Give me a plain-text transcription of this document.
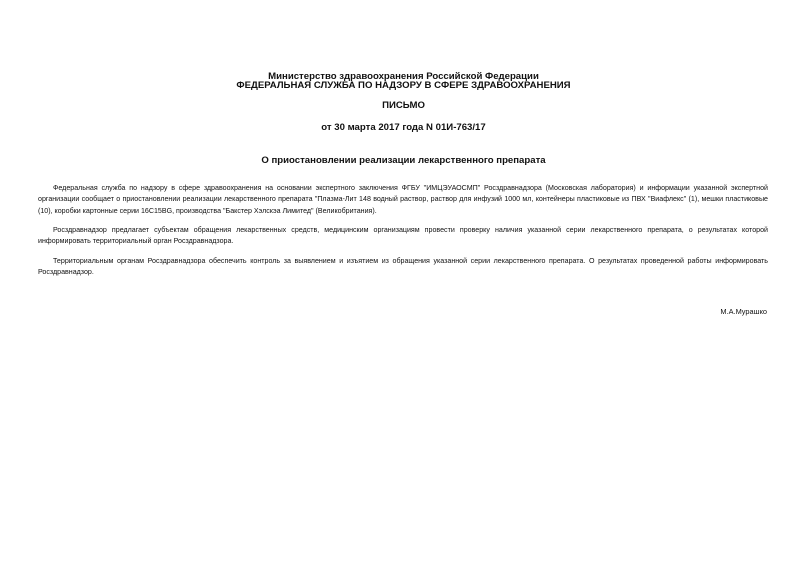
Министерство здравоохранения Российской Федерации
ФЕДЕРАЛЬНАЯ СЛУЖБА ПО НАДЗОРУ В СФЕРЕ ЗДРАВООХРАНЕНИЯ
ПИСЬМО
от 30 марта 2017 года N 01И-763/17
О приостановлении реализации лекарственного препарата

Федеральная служба по надзору в сфере здравоохранения на основании экспертного заключения ФГБУ "ИМЦЭУАОСМП" Росздравнадзора (Московская лаборатория) и информации указанной экспертной организации сообщает о приостановлении реализации лекарственного препарата "Плазма-Лит 148 водный раствор, раствор для инфузий 1000 мл, контейнеры пластиковые из ПВХ "Виафлекс" (1), мешки пластиковые (10), коробки картонные серии 16С15BG, производства "Бакстер Хэлскэа Лимитед" (Великобритания).

Росздравнадзор предлагает субъектам обращения лекарственных средств, медицинским организациям провести проверку наличия указанной серии лекарственного препарата, о результатах которой информировать территориальный орган Росздравнадзора.

Территориальным органам Росздравнадзора обеспечить контроль за выявлением и изъятием из обращения указанной серии лекарственного препарата. О результатах проведенной работы информировать Росздравнадзор.

М.А.Мурашко
